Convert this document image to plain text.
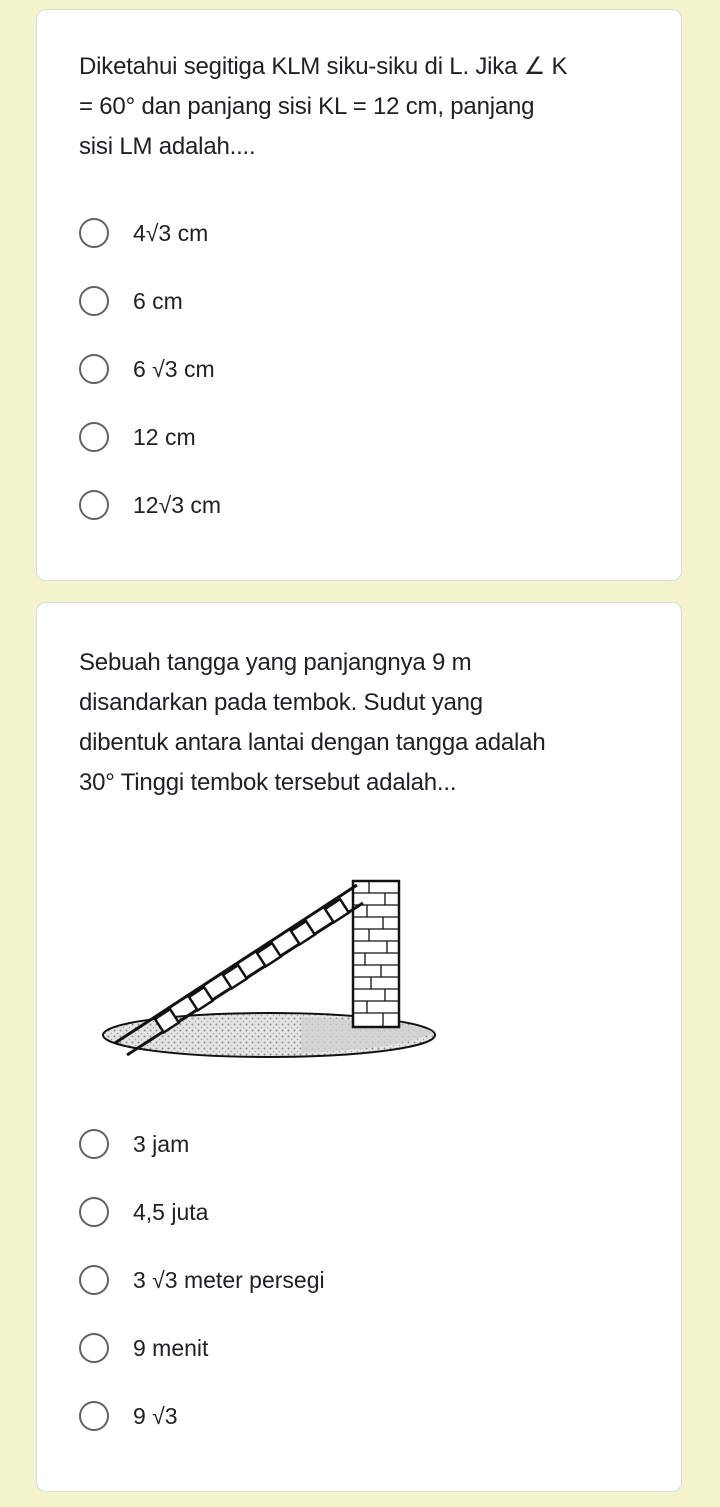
Diketahui segitiga KLM siku-siku di L. Jika ∠ K
= 60° dan panjang sisi KL = 12 cm, panjang
sisi LM adalah....
4√3 cm
6 cm
6 √3 cm
12 cm
12√3 cm
Sebuah tangga yang panjangnya 9 m
disandarkan pada tembok. Sudut yang
dibentuk antara lantai dengan tangga adalah
30° Tinggi tembok tersebut adalah...
3 jam
4,5 juta
3 √3 meter persegi
9 menit
9 √3
